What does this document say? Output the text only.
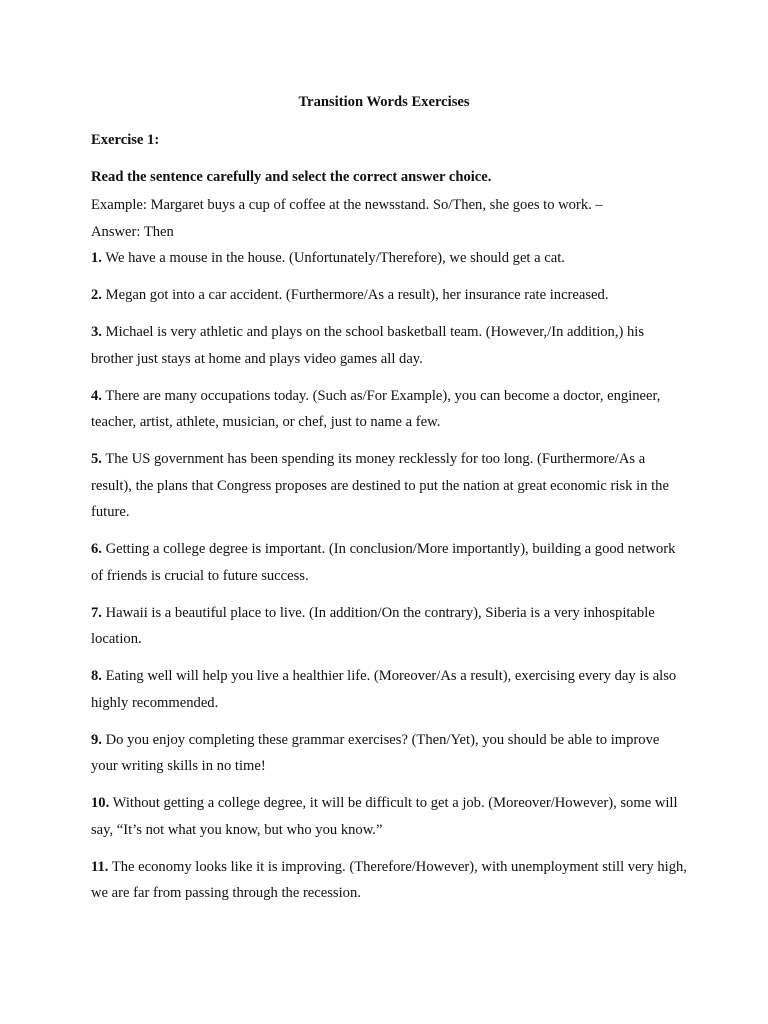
Transition Words Exercises
Exercise 1:
Read the sentence carefully and select the correct answer choice.
Example: Margaret buys a cup of coffee at the newsstand. So/Then, she goes to work. –
Answer: Then
1. We have a mouse in the house. (Unfortunately/Therefore), we should get a cat.
2. Megan got into a car accident. (Furthermore/As a result), her insurance rate increased.
3. Michael is very athletic and plays on the school basketball team. (However,/In addition,) his brother just stays at home and plays video games all day.
4. There are many occupations today. (Such as/For Example), you can become a doctor, engineer, teacher, artist, athlete, musician, or chef, just to name a few.
5. The US government has been spending its money recklessly for too long. (Furthermore/As a result), the plans that Congress proposes are destined to put the nation at great economic risk in the future.
6. Getting a college degree is important. (In conclusion/More importantly), building a good network of friends is crucial to future success.
7. Hawaii is a beautiful place to live. (In addition/On the contrary), Siberia is a very inhospitable location.
8. Eating well will help you live a healthier life. (Moreover/As a result), exercising every day is also highly recommended.
9. Do you enjoy completing these grammar exercises? (Then/Yet), you should be able to improve your writing skills in no time!
10. Without getting a college degree, it will be difficult to get a job. (Moreover/However), some will say, “It’s not what you know, but who you know.”
11. The economy looks like it is improving. (Therefore/However), with unemployment still very high, we are far from passing through the recession.
